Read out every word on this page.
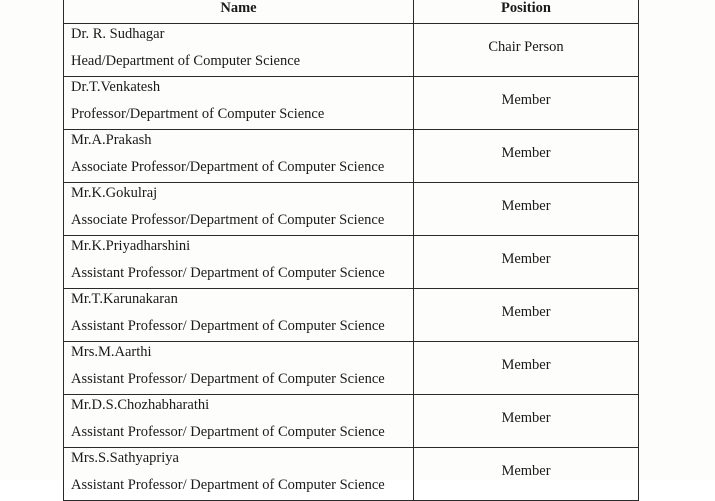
Name	Position

Dr. R. Sudhagar
Head/Department of Computer Science	Chair Person

Dr.T.Venkatesh
Professor/Department of Computer Science	Member

Mr.A.Prakash
Associate Professor/Department of Computer Science	Member

Mr.K.Gokulraj
Associate Professor/Department of Computer Science	Member

Mr.K.Priyadharshini
Assistant Professor/ Department of Computer Science	Member

Mr.T.Karunakaran
Assistant Professor/ Department of Computer Science	Member

Mrs.M.Aarthi
Assistant Professor/ Department of Computer Science	Member

Mr.D.S.Chozhabharathi
Assistant Professor/ Department of Computer Science	Member

Mrs.S.Sathyapriya
Assistant Professor/ Department of Computer Science	Member
